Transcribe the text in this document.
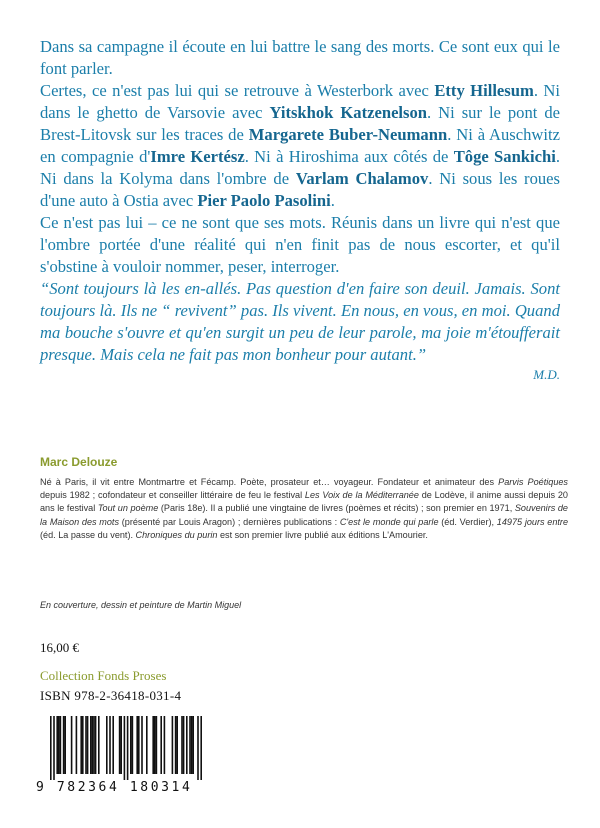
Dans sa campagne il écoute en lui battre le sang des morts. Ce sont eux qui le font parler.

Certes, ce n'est pas lui qui se retrouve à Westerbork avec Etty Hillesum. Ni dans le ghetto de Varsovie avec Yitskhok Katzenelson. Ni sur le pont de Brest-Litovsk sur les traces de Margarete Buber-Neumann. Ni à Auschwitz en compagnie d'Imre Kertész. Ni à Hiroshima aux côtés de Tôge Sankichi. Ni dans la Kolyma dans l'ombre de Varlam Chalamov. Ni sous les roues d'une auto à Ostia avec Pier Paolo Pasolini.

Ce n'est pas lui – ce ne sont que ses mots. Réunis dans un livre qui n'est que l'ombre portée d'une réalité qui n'en finit pas de nous escorter, et qu'il s'obstine à vouloir nommer, peser, interroger.

“Sont toujours là les en-allés. Pas question d'en faire son deuil. Jamais. Sont toujours là. Ils ne “ revivent” pas. Ils vivent. En nous, en vous, en moi. Quand ma bouche s'ouvre et qu'en surgit un peu de leur parole, ma joie m'étoufferait presque. Mais cela ne fait pas mon bonheur pour autant.”

M.D.

Marc Delouze
Né à Paris, il vit entre Montmartre et Fécamp. Poète, prosateur et… voyageur. Fondateur et animateur des Parvis Poétiques depuis 1982 ; cofondateur et conseiller littéraire de feu le festival Les Voix de la Méditerranée de Lodève, il anime aussi depuis 20 ans le festival Tout un poème (Paris 18e). Il a publié une vingtaine de livres (poèmes et récits) ; son premier en 1971, Souvenirs de la Maison des mots (présenté par Louis Aragon) ; dernières publications : C'est le monde qui parle (éd. Verdier), 14975 jours entre (éd. La passe du vent). Chroniques du purin est son premier livre publié aux éditions L'Amourier.
En couverture, dessin et peinture de Martin Miguel
16,00 €
Collection Fonds Proses
ISBN 978-2-36418-031-4
9 782364 180314
